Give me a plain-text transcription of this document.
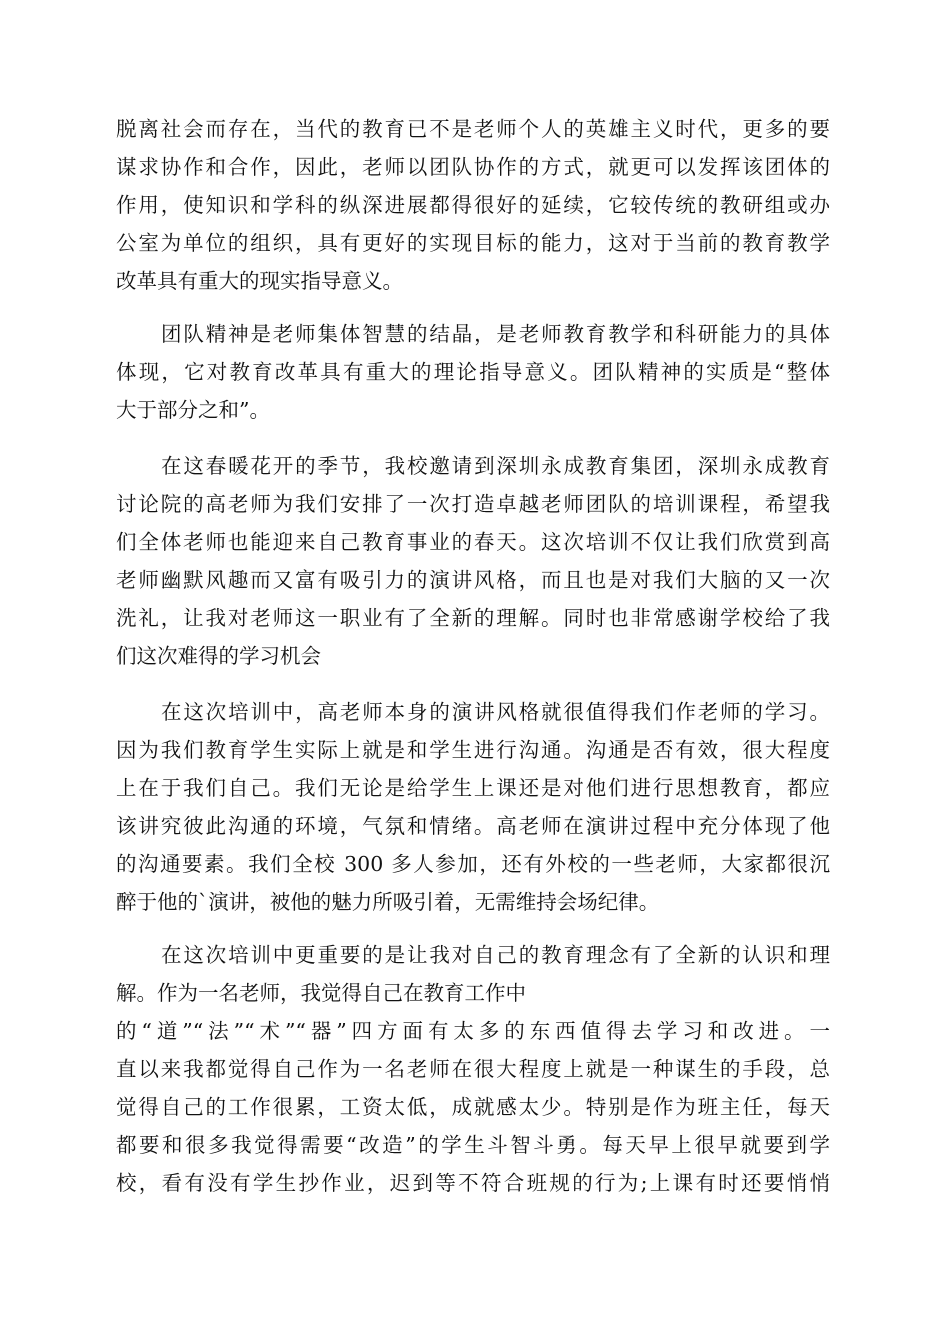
脱离社会而存在，当代的教育已不是老师个人的英雄主义时代，更多的要
谋求协作和合作，因此，老师以团队协作的方式，就更可以发挥该团体的
作用，使知识和学科的纵深进展都得很好的延续，它较传统的教研组或办
公室为单位的组织，具有更好的实现目标的能力，这对于当前的教育教学
改革具有重大的现实指导意义。
团队精神是老师集体智慧的结晶，是老师教育教学和科研能力的具体
体现，它对教育改革具有重大的理论指导意义。团队精神的实质是“整体
大于部分之和”。
在这春暖花开的季节，我校邀请到深圳永成教育集团，深圳永成教育
讨论院的高老师为我们安排了一次打造卓越老师团队的培训课程，希望我
们全体老师也能迎来自己教育事业的春天。这次培训不仅让我们欣赏到高
老师幽默风趣而又富有吸引力的演讲风格，而且也是对我们大脑的又一次
洗礼，让我对老师这一职业有了全新的理解。同时也非常感谢学校给了我
们这次难得的学习机会
在这次培训中，高老师本身的演讲风格就很值得我们作老师的学习。
因为我们教育学生实际上就是和学生进行沟通。沟通是否有效，很大程度
上在于我们自己。我们无论是给学生上课还是对他们进行思想教育，都应
该讲究彼此沟通的环境，气氛和情绪。高老师在演讲过程中充分体现了他
的沟通要素。我们全校 300 多人参加，还有外校的一些老师，大家都很沉
醉于他的`演讲，被他的魅力所吸引着，无需维持会场纪律。
在这次培训中更重要的是让我对自己的教育理念有了全新的认识和理
解。作为一名老师，我觉得自己在教育工作中
的“道”“法”“术”“器”四方面有太多的东西值得去学习和改进。一
直以来我都觉得自己作为一名老师在很大程度上就是一种谋生的手段，总
觉得自己的工作很累，工资太低，成就感太少。特别是作为班主任，每天
都要和很多我觉得需要“改造”的学生斗智斗勇。每天早上很早就要到学
校，看有没有学生抄作业，迟到等不符合班规的行为;上课有时还要悄悄
